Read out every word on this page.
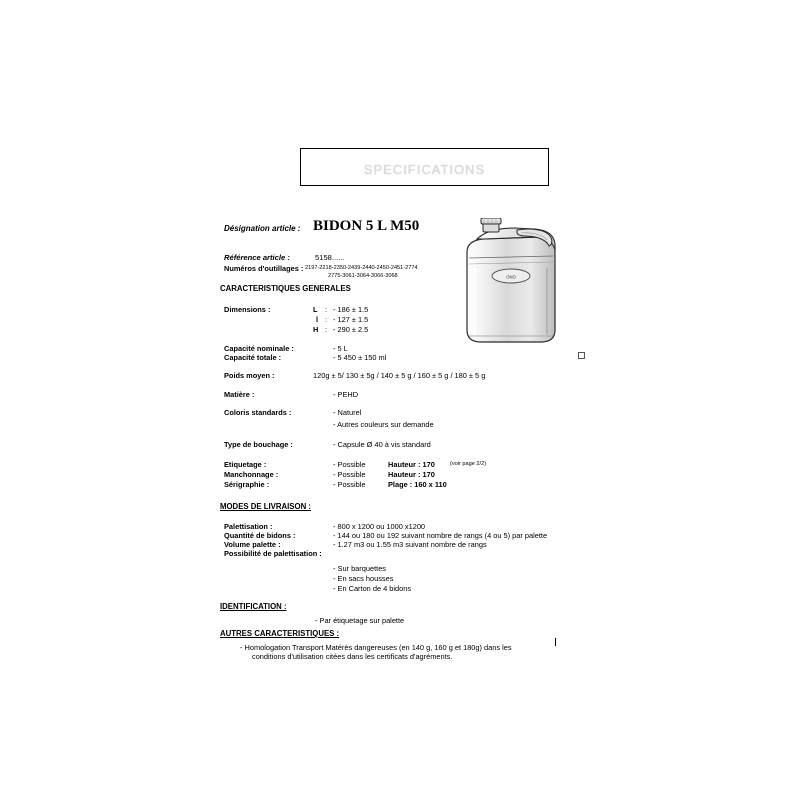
SPECIFICATIONS
ONO
Désignation article : BIDON 5 L M50
Référence article :	5158......
Numéros d'outillages : 2197-2218-2350-2439-2440-2450-2451-2774
2775-3061-3064-3066-3068
CARACTERISTIQUES GENERALES
Dimensions :	L : - 186 ± 1.5
l : - 127 ± 1.5
H : - 290 ± 2.5
Capacité nominale :	- 5 L
Capacité totale :	- 5 450 ± 150 ml
Poids moyen :	120g ± 5/ 130 ± 5g / 140 ± 5 g / 160 ± 5 g / 180 ± 5 g
Matière :	- PEHD
Coloris standards :	- Naturel
- Autres couleurs sur demande
Type de bouchage :	- Capsule Ø 40 à vis standard
Etiquetage :	- Possible	Hauteur : 170	(voir page 2/2)
Manchonnage :	- Possible	Hauteur : 170
Sérigraphie :	- Possible	Plage : 160 x 110
MODES DE LIVRAISON :
Palettisation :	- 800 x 1200 ou 1000 x1200
Quantité de bidons :	- 144 ou 180 ou 192 suivant nombre de rangs (4 ou 5) par palette
Volume palette :	- 1.27 m3 ou 1.55 m3 suivant nombre de rangs
Possibilité de palettisation :
- Sur barquettes
- En sacs housses
- En Carton de 4 bidons
IDENTIFICATION :
- Par étiquetage sur palette
AUTRES CARACTERISTIQUES :
- Homologation Transport Matérès dangereuses (en 140 g, 160 g et 180g) dans les
conditions d'utilisation citées dans les certificats d'agréments.
